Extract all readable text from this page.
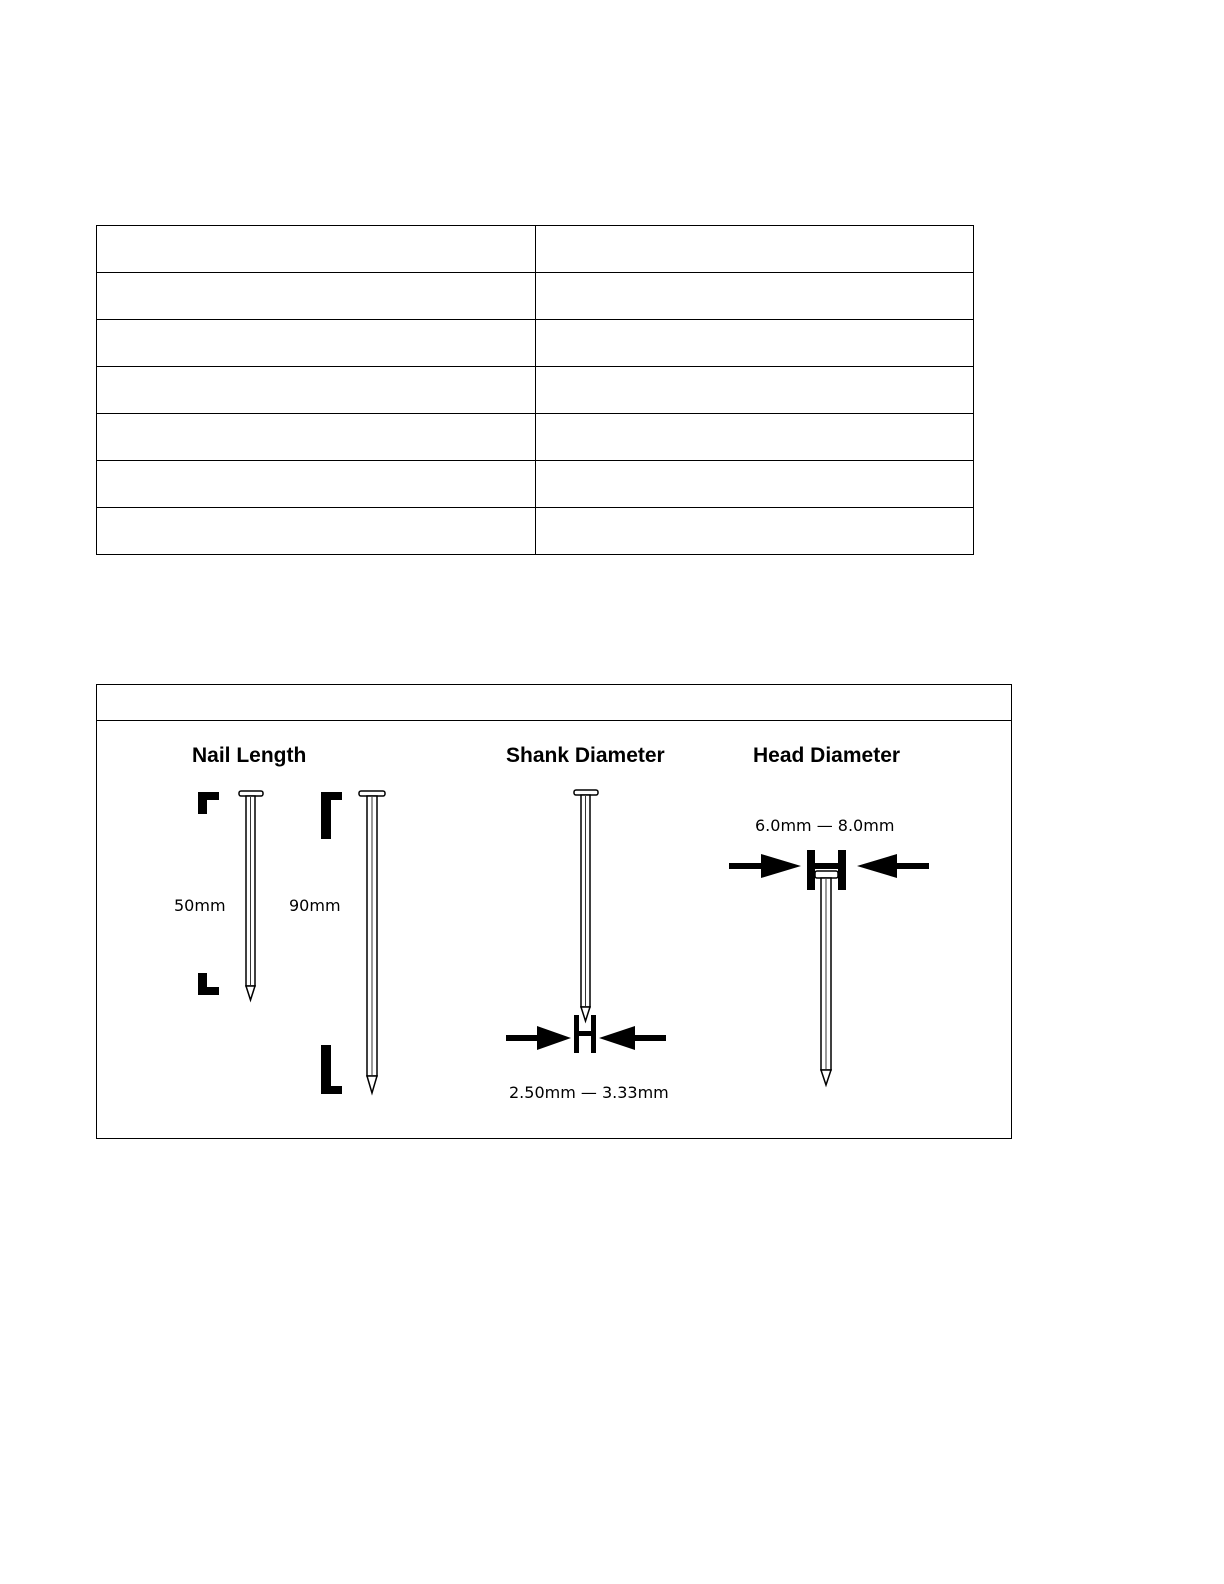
Nail Length	Shank Diameter	Head Diameter
50mm	90mm
2.50mm — 3.33mm
6.0mm — 8.0mm
